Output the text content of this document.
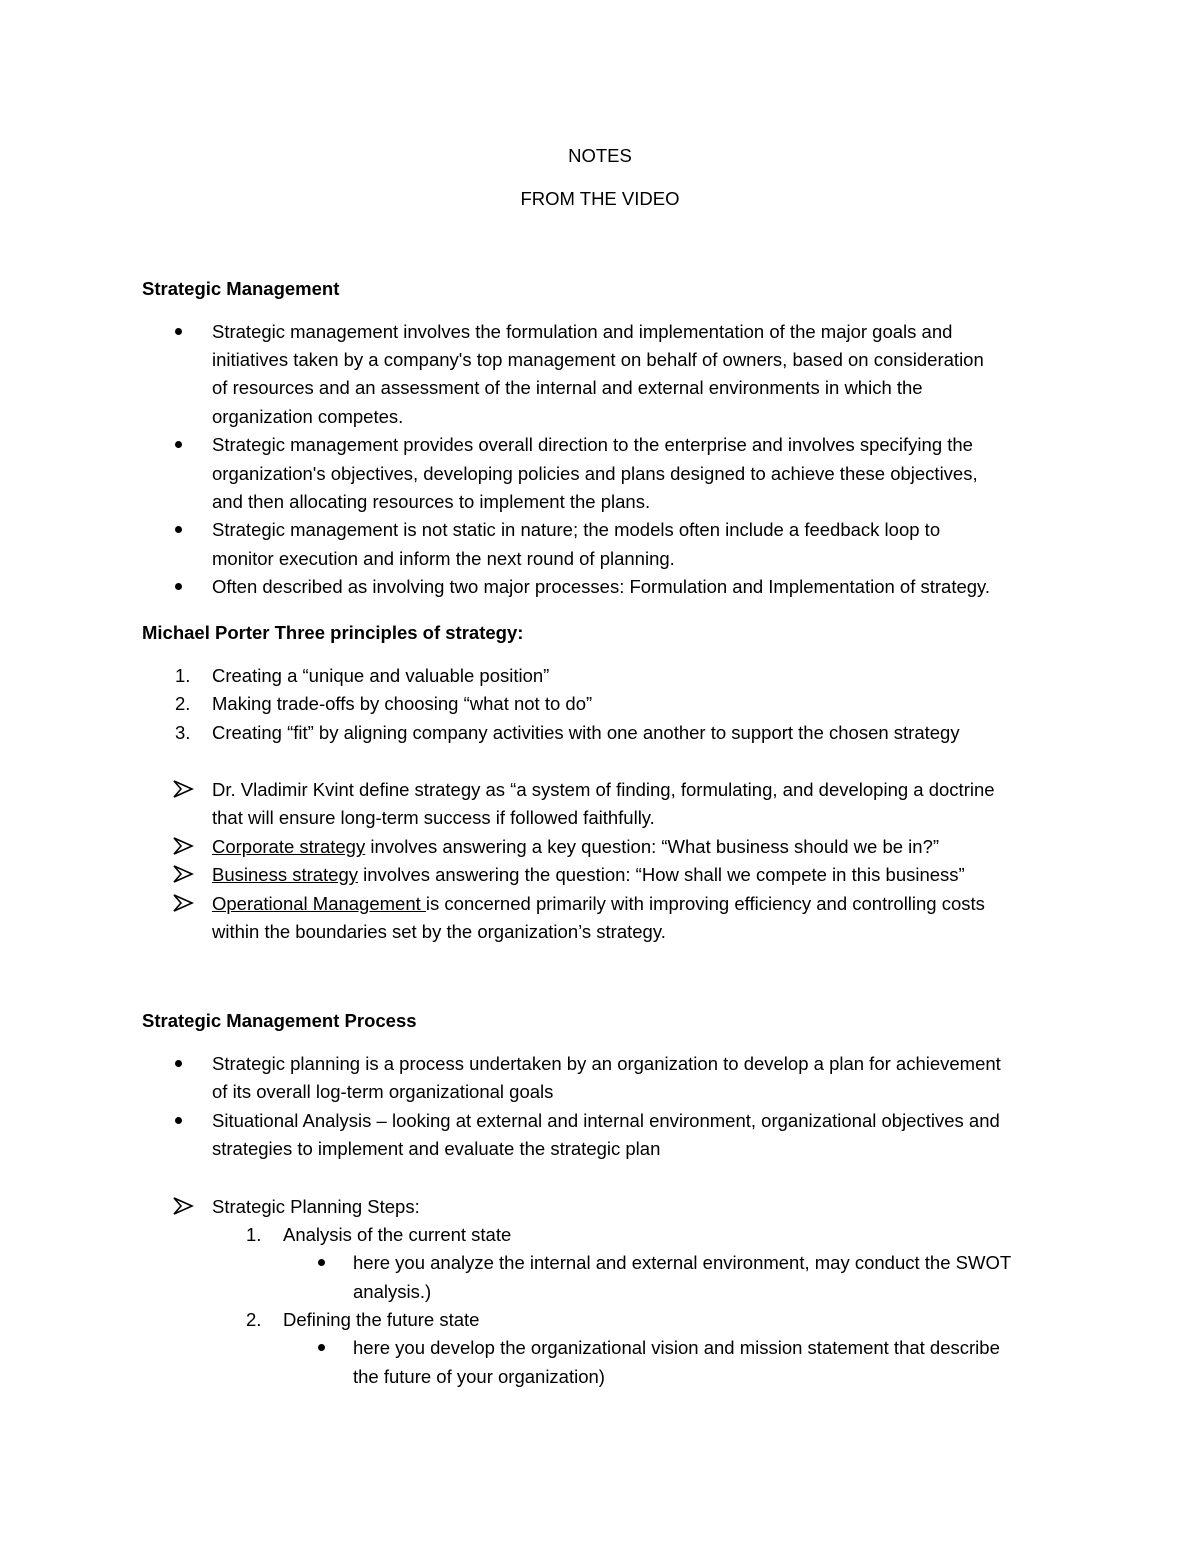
NOTES
FROM THE VIDEO
Strategic Management
Strategic management involves the formulation and implementation of the major goals and
initiatives taken by a company's top management on behalf of owners, based on consideration
of resources and an assessment of the internal and external environments in which the
organization competes.
Strategic management provides overall direction to the enterprise and involves specifying the
organization's objectives, developing policies and plans designed to achieve these objectives,
and then allocating resources to implement the plans.
Strategic management is not static in nature; the models often include a feedback loop to
monitor execution and inform the next round of planning.
Often described as involving two major processes: Formulation and Implementation of strategy.
Michael Porter Three principles of strategy:
1. Creating a “unique and valuable position”
2. Making trade-offs by choosing “what not to do”
3. Creating “fit” by aligning company activities with one another to support the chosen strategy
Dr. Vladimir Kvint define strategy as “a system of finding, formulating, and developing a doctrine
that will ensure long-term success if followed faithfully.
Corporate strategy involves answering a key question: “What business should we be in?”
Business strategy involves answering the question: “How shall we compete in this business”
Operational Management is concerned primarily with improving efficiency and controlling costs
within the boundaries set by the organization’s strategy.
Strategic Management Process
Strategic planning is a process undertaken by an organization to develop a plan for achievement
of its overall log-term organizational goals
Situational Analysis – looking at external and internal environment, organizational objectives and
strategies to implement and evaluate the strategic plan
Strategic Planning Steps:
1. Analysis of the current state
here you analyze the internal and external environment, may conduct the SWOT
analysis.)
2. Defining the future state
here you develop the organizational vision and mission statement that describe
the future of your organization)
